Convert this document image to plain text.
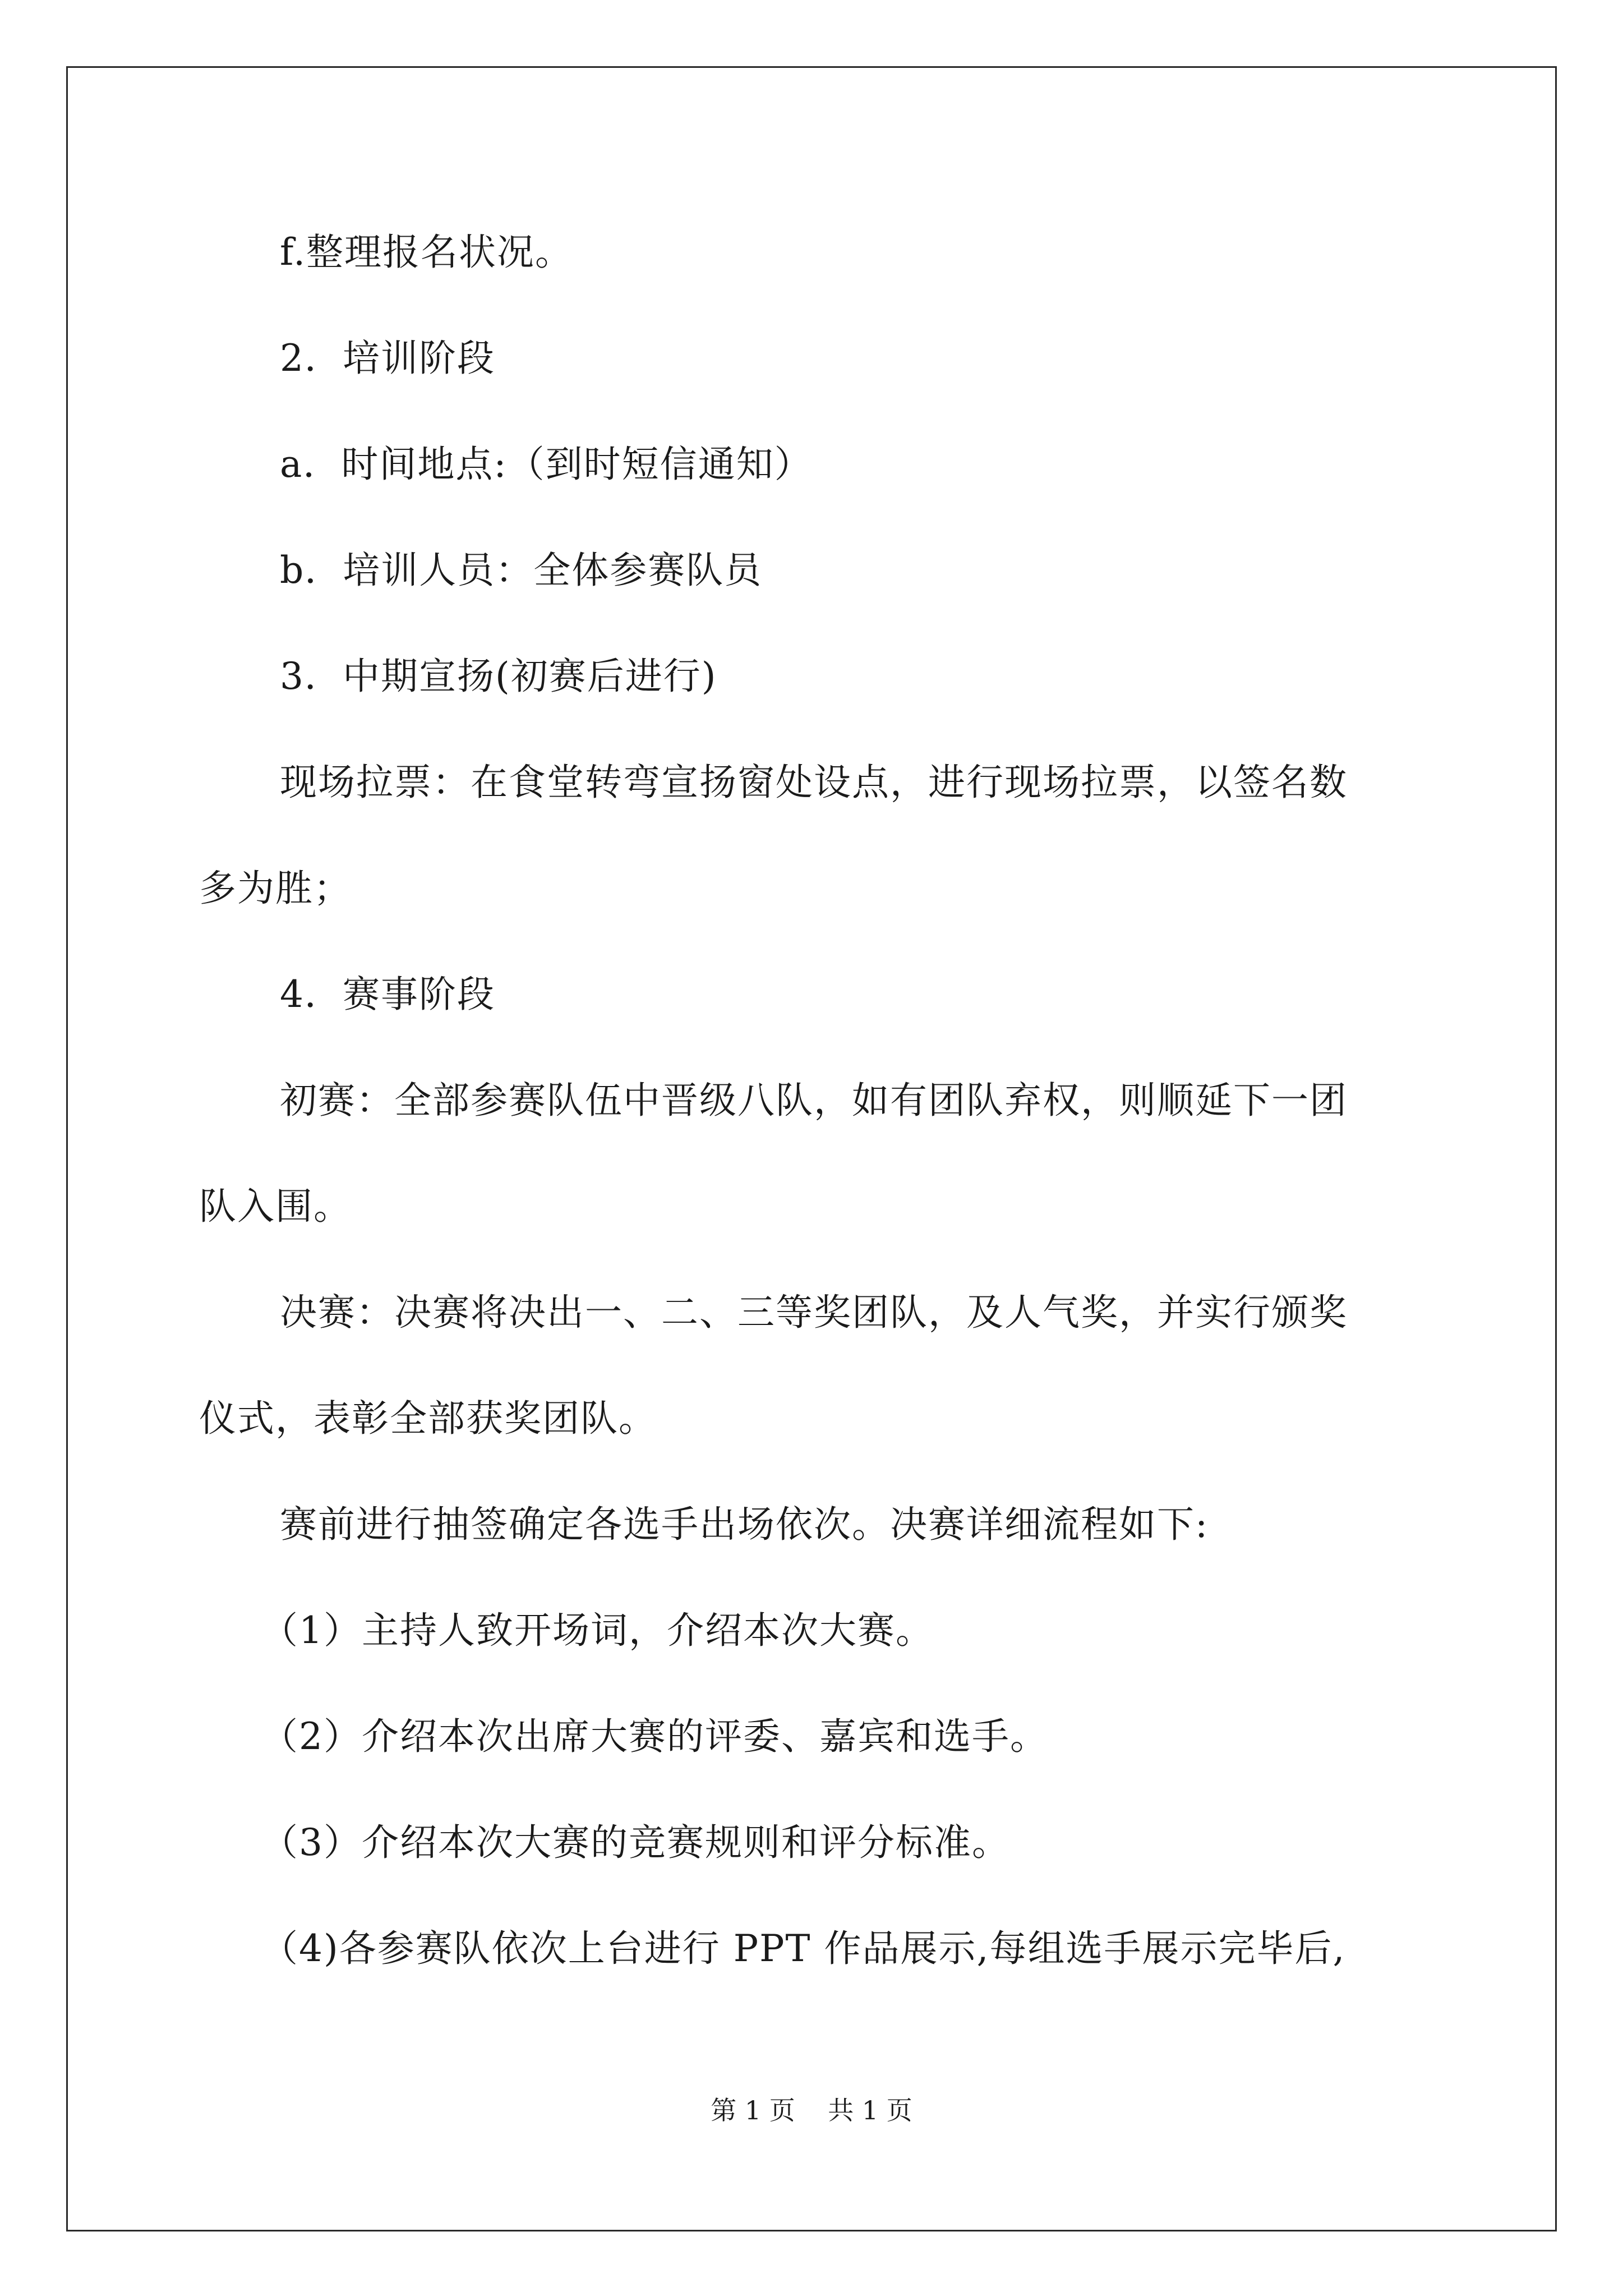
f.整理报名状况。

2．培训阶段

a．时间地点:（到时短信通知）

b．培训人员：全体参赛队员

3．中期宣扬(初赛后进行)

现场拉票：在食堂转弯宣扬窗处设点，进行现场拉票，以签名数

多为胜；

4．赛事阶段

初赛：全部参赛队伍中晋级八队，如有团队弃权，则顺延下一团

队入围。

决赛：决赛将决出一、二、三等奖团队，及人气奖，并实行颁奖

仪式，表彰全部获奖团队。

赛前进行抽签确定各选手出场依次。决赛详细流程如下:

（1）主持人致开场词，介绍本次大赛。

（2）介绍本次出席大赛的评委、嘉宾和选手。

（3）介绍本次大赛的竞赛规则和评分标准。

（4)各参赛队依次上台进行 PPT 作品展示,每组选手展示完毕后,

第 1 页    共 1 页
